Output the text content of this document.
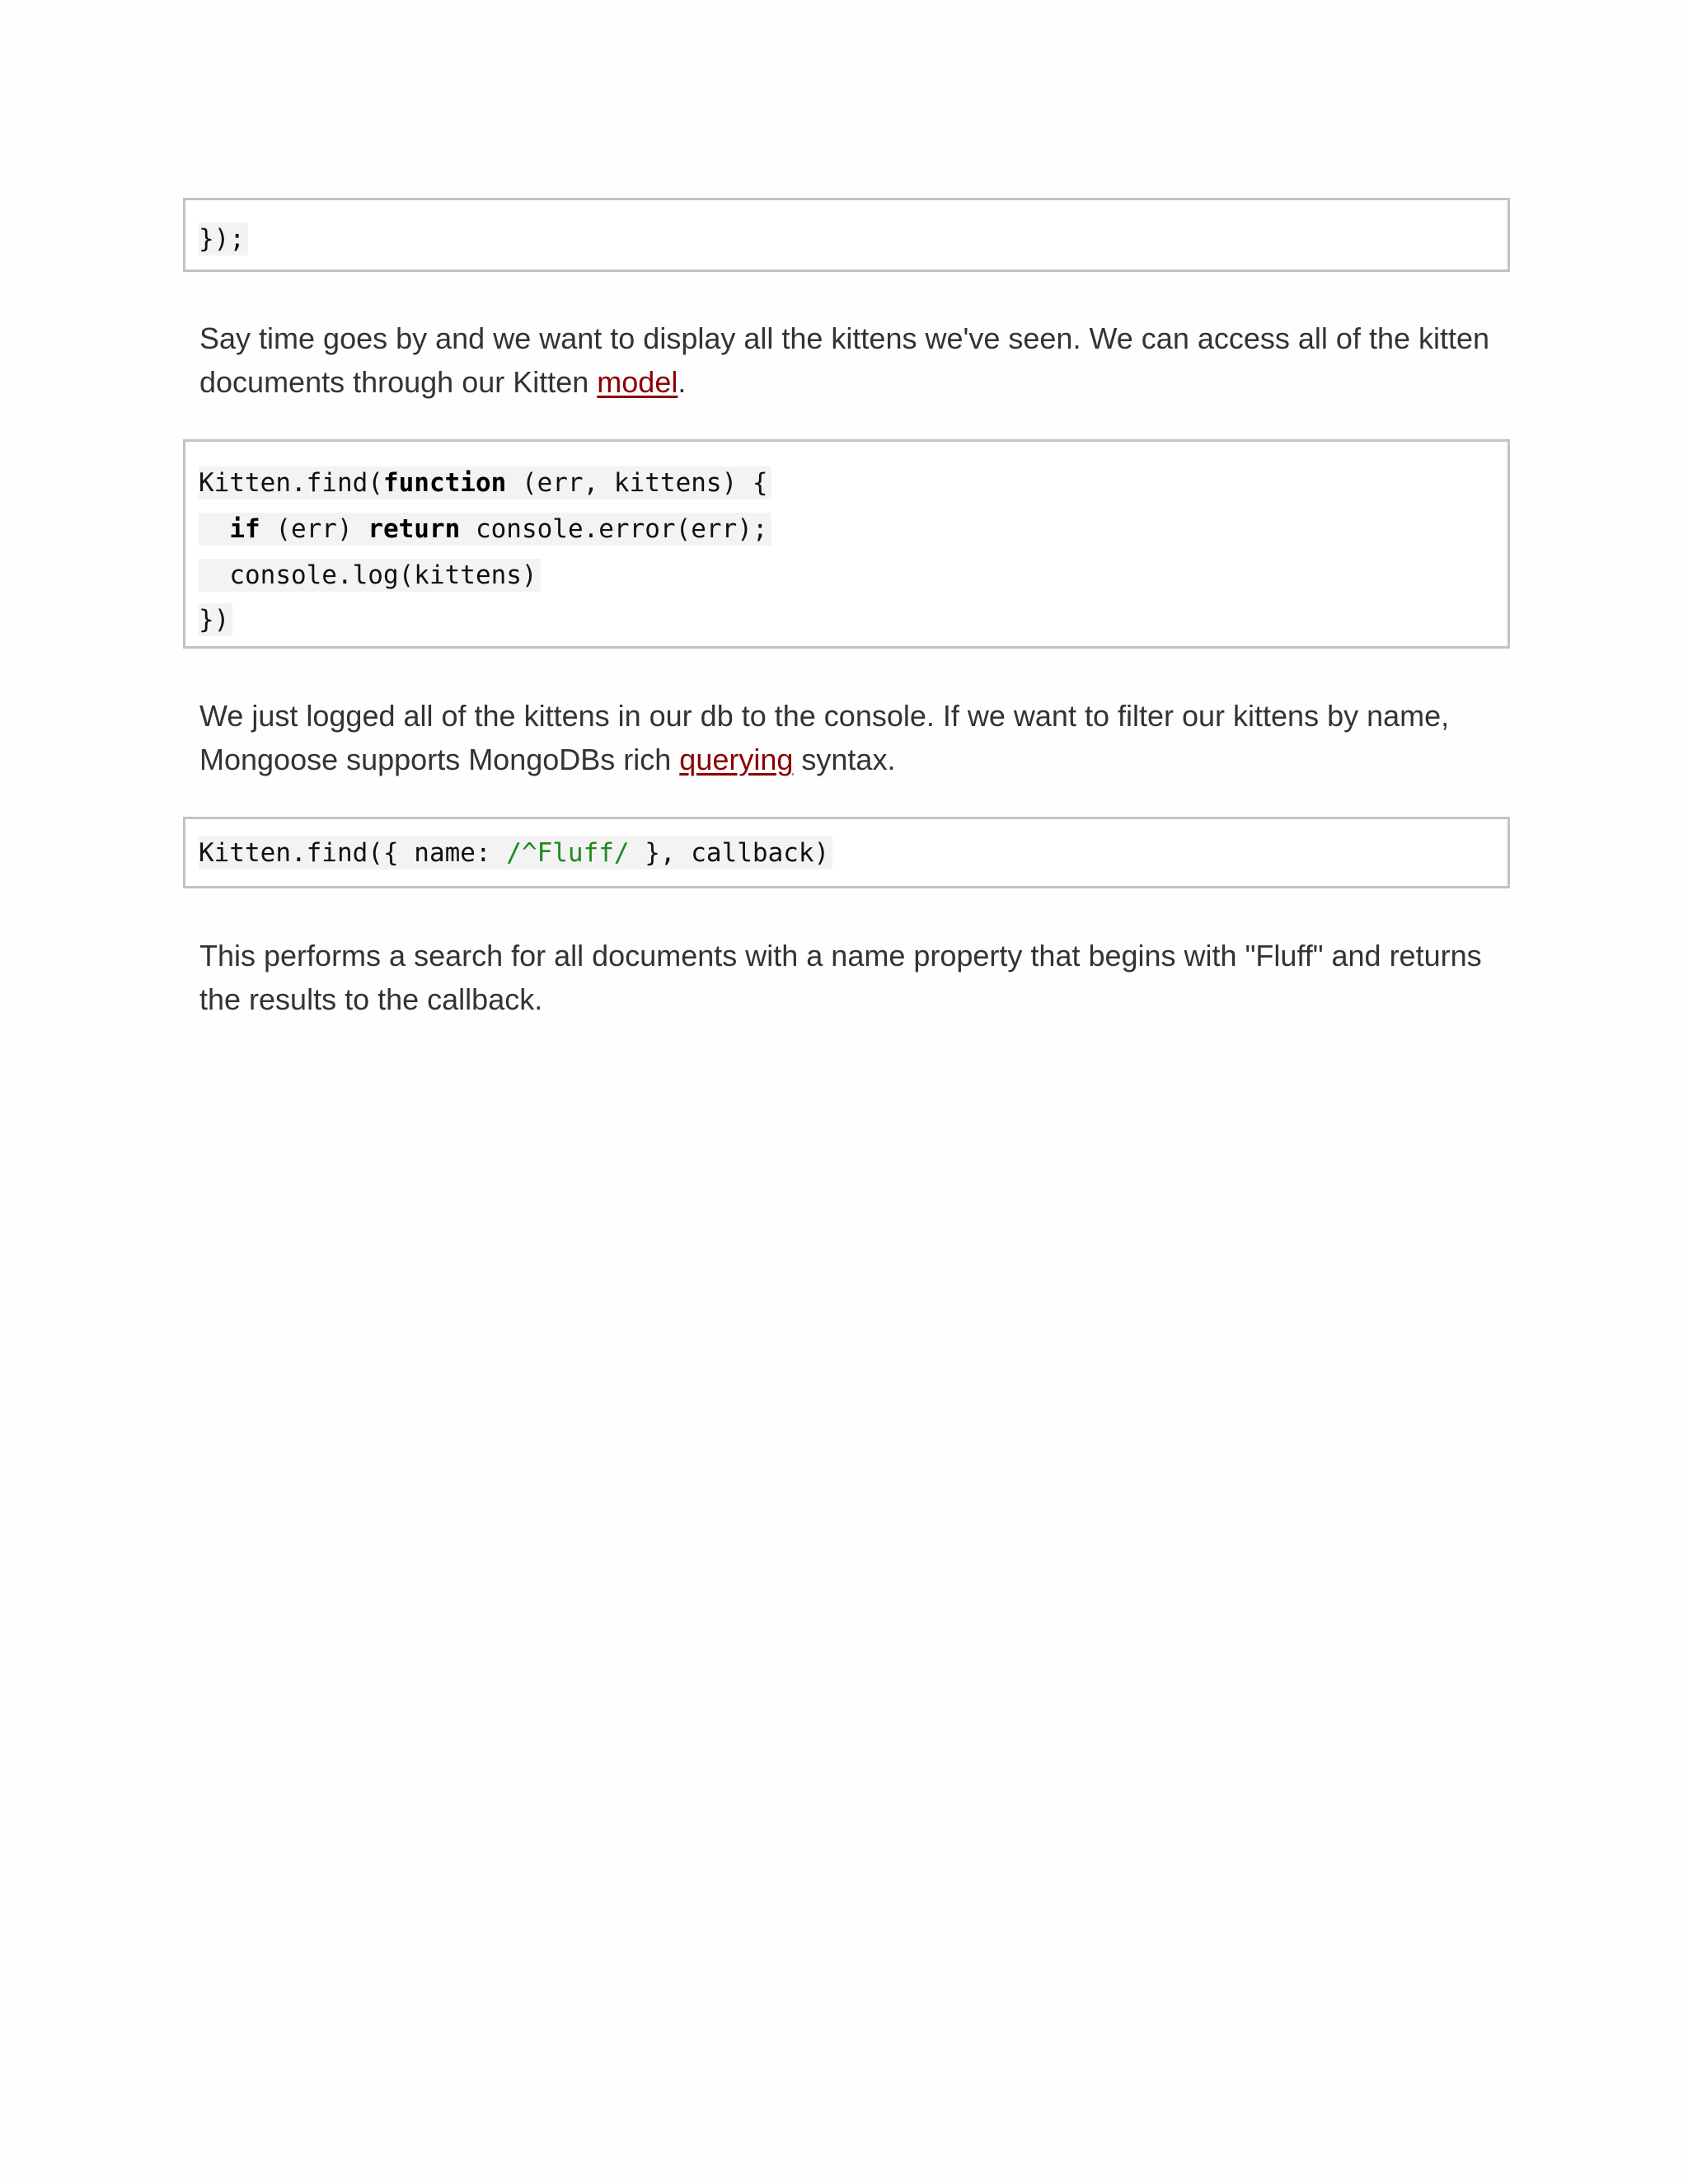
});

Say time goes by and we want to display all the kittens we've seen. We can access all of the kitten documents through our Kitten model.

Kitten.find(function (err, kittens) {
if (err) return console.error(err);
console.log(kittens)
})

We just logged all of the kittens in our db to the console. If we want to filter our kittens by name, Mongoose supports MongoDBs rich querying syntax.

Kitten.find({ name: /^Fluff/ }, callback)

This performs a search for all documents with a name property that begins with "Fluff" and returns the results to the callback.
